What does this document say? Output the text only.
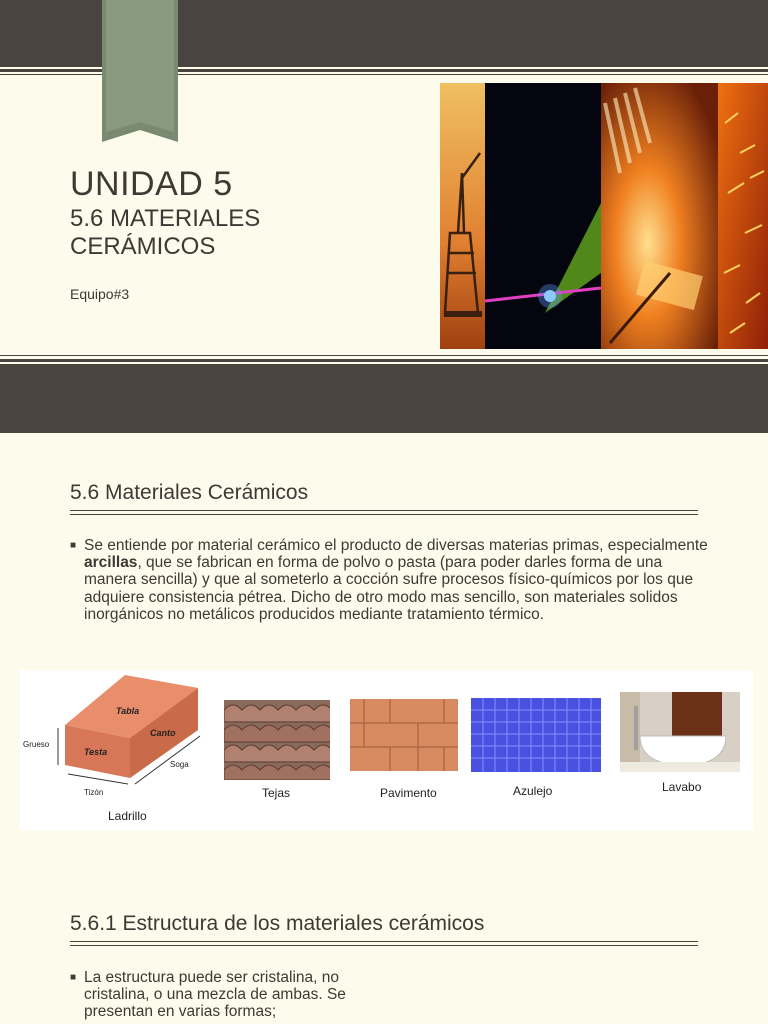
UNIDAD 5
5.6 MATERIALES CERÁMICOS
Equipo#3
5.6 Materiales Cerámicos
■ Se entiende por material cerámico el producto de diversas materias primas, especialmente arcillas, que se fabrican en forma de polvo o pasta (para poder darles forma de una manera sencilla) y que al someterlo a cocción sufre procesos físico-químicos por los que adquiere consistencia pétrea. Dicho de otro modo mas sencillo, son materiales solidos inorgánicos no metálicos producidos mediante tratamiento térmico.
Tabla
Canto
Testa
Grueso
Tizón
Soga
Ladrillo
Tejas	Pavimento	Azulejo	Lavabo
5.6.1 Estructura de los materiales cerámicos
■ La estructura puede ser cristalina, no cristalina, o una mezcla de ambas. Se presentan en varias formas;
